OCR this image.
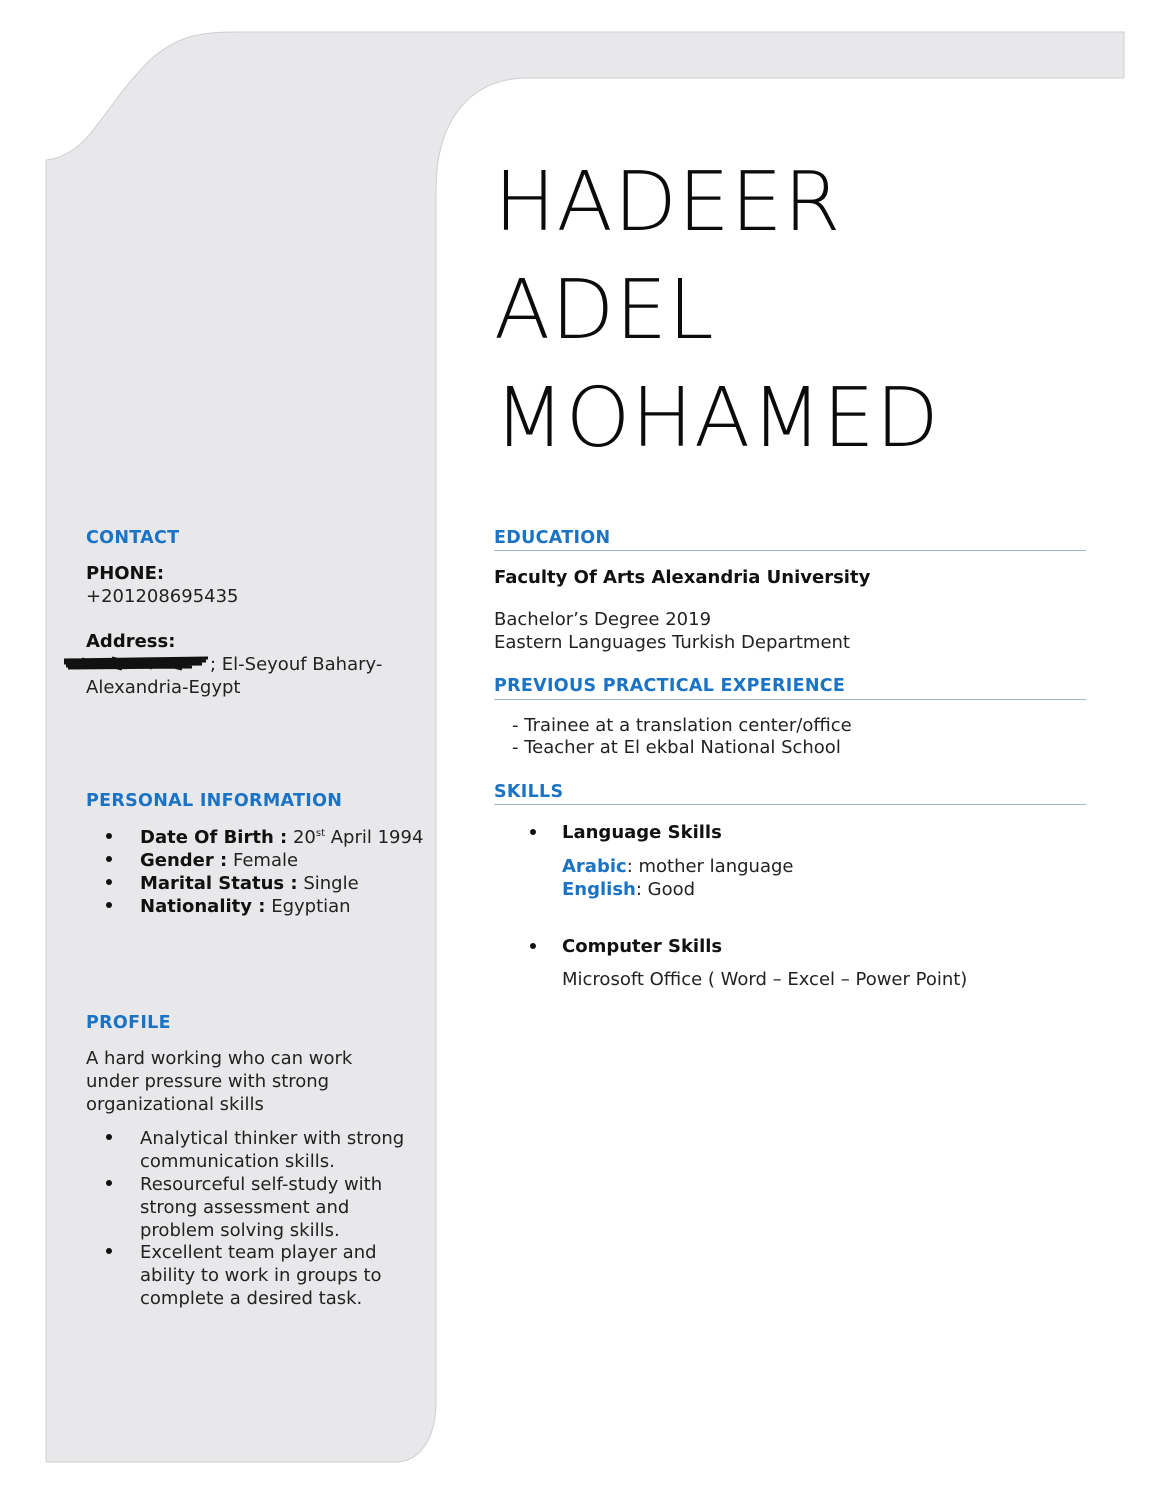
HADEER
ADEL
MOHAMED
CONTACT
PHONE:
+201208695435
Address:
; El-Seyouf Bahary-
Alexandria-Egypt
PERSONAL INFORMATION
Date Of Birth : 20st April 1994
Gender : Female
Marital Status : Single
Nationality : Egyptian
PROFILE
A hard working who can work
under pressure with strong
organizational skills
Analytical thinker with strong
communication skills.
Resourceful self-study with
strong assessment and
problem solving skills.
Excellent team player and
ability to work in groups to
complete a desired task.
EDUCATION
Faculty Of Arts Alexandria University
Bachelor’s Degree 2019
Eastern Languages Turkish Department
PREVIOUS PRACTICAL EXPERIENCE
- Trainee at a translation center/office
- Teacher at El ekbal National School
SKILLS
Language Skills
Arabic: mother language
English: Good
Computer Skills
Microsoft Office ( Word – Excel – Power Point)
